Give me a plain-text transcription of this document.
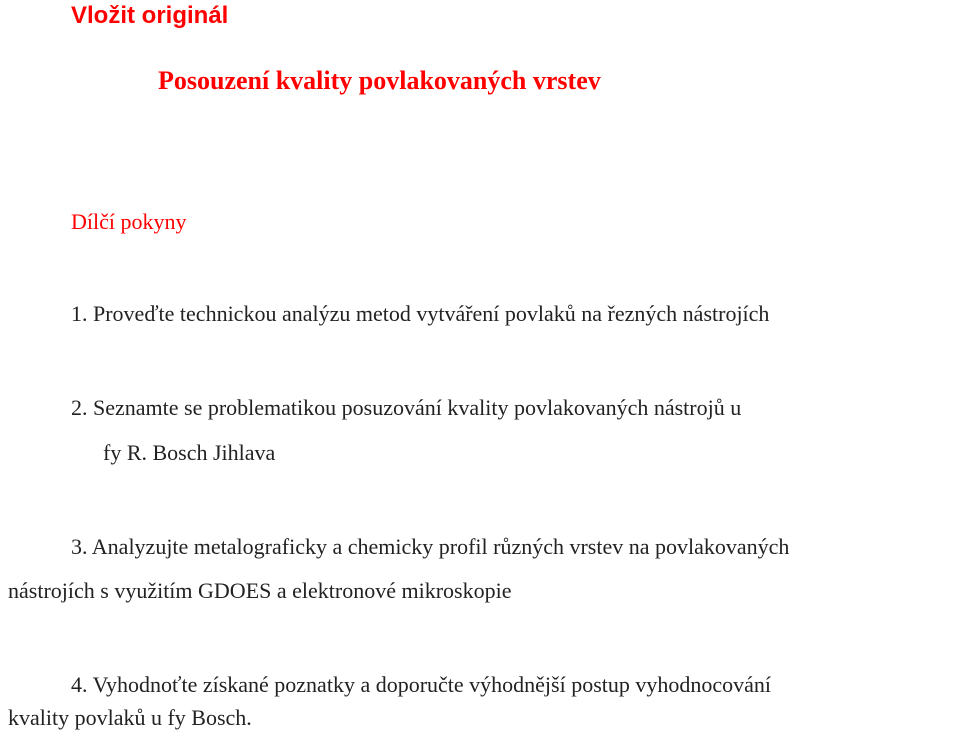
Vložit originál
Posouzení kvality povlakovaných vrstev
Dílčí pokyny
1. Proveďte technickou analýzu metod vytváření povlaků na řezných nástrojích
2. Seznamte se problematikou posuzování kvality povlakovaných nástrojů u
fy R. Bosch Jihlava
3. Analyzujte metalograficky a chemicky profil různých vrstev na povlakovaných
nástrojích s využitím GDOES a elektronové mikroskopie
4. Vyhodnoťte získané poznatky a doporučte výhodnější postup vyhodnocování
kvality povlaků u fy Bosch.
